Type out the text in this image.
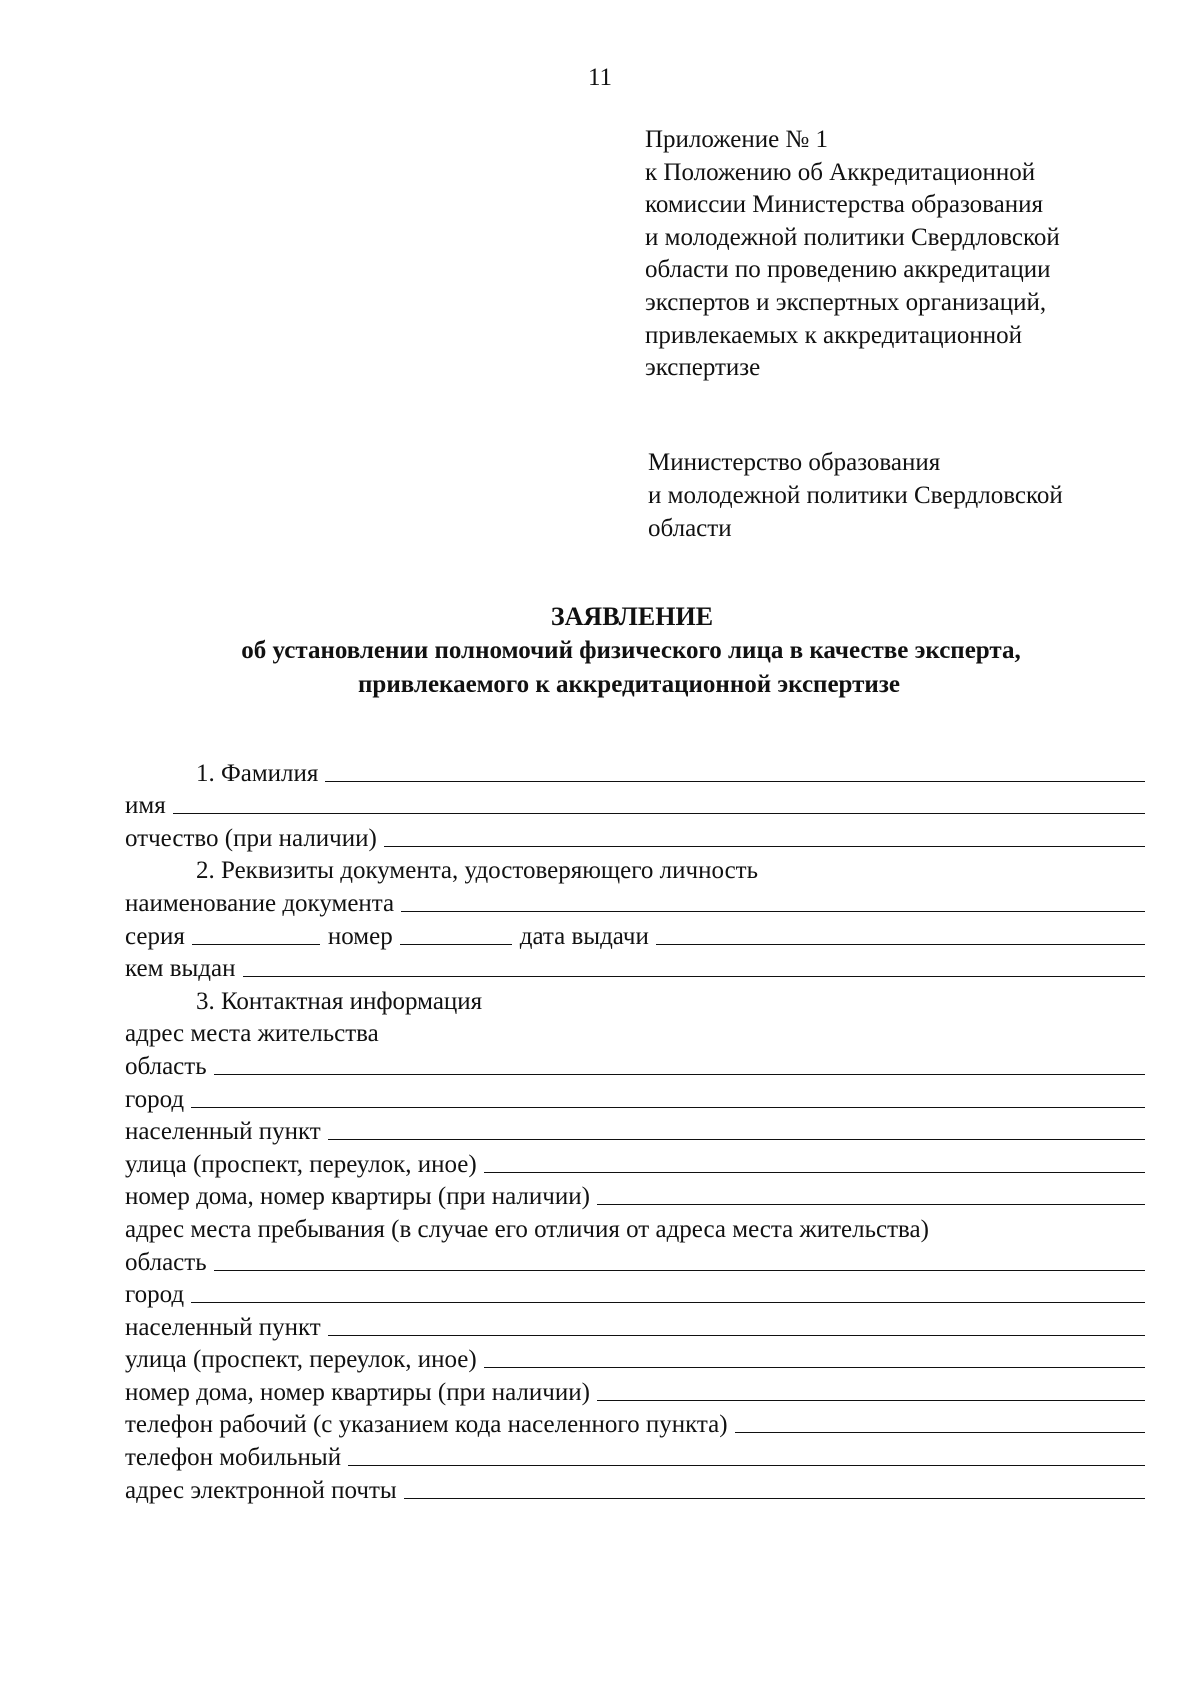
11
Приложение № 1
к Положению об Аккредитационной
комиссии Министерства образования
и молодежной политики Свердловской
области по проведению аккредитации
экспертов и экспертных организаций,
привлекаемых к аккредитационной
экспертизе
Министерство образования
и молодежной политики Свердловской
области
ЗАЯВЛЕНИЕ
об установлении полномочий физического лица в качестве эксперта,
привлекаемого к аккредитационной экспертизе
1. Фамилия
имя
отчество (при наличии)
2. Реквизиты документа, удостоверяющего личность
наименование документа
серия	номер	дата выдачи
кем выдан
3. Контактная информация
адрес места жительства
область
город
населенный пункт
улица (проспект, переулок, иное)
номер дома, номер квартиры (при наличии)
адрес места пребывания (в случае его отличия от адреса места жительства)
область
город
населенный пункт
улица (проспект, переулок, иное)
номер дома, номер квартиры (при наличии)
телефон рабочий (с указанием кода населенного пункта)
телефон мобильный
адрес электронной почты
